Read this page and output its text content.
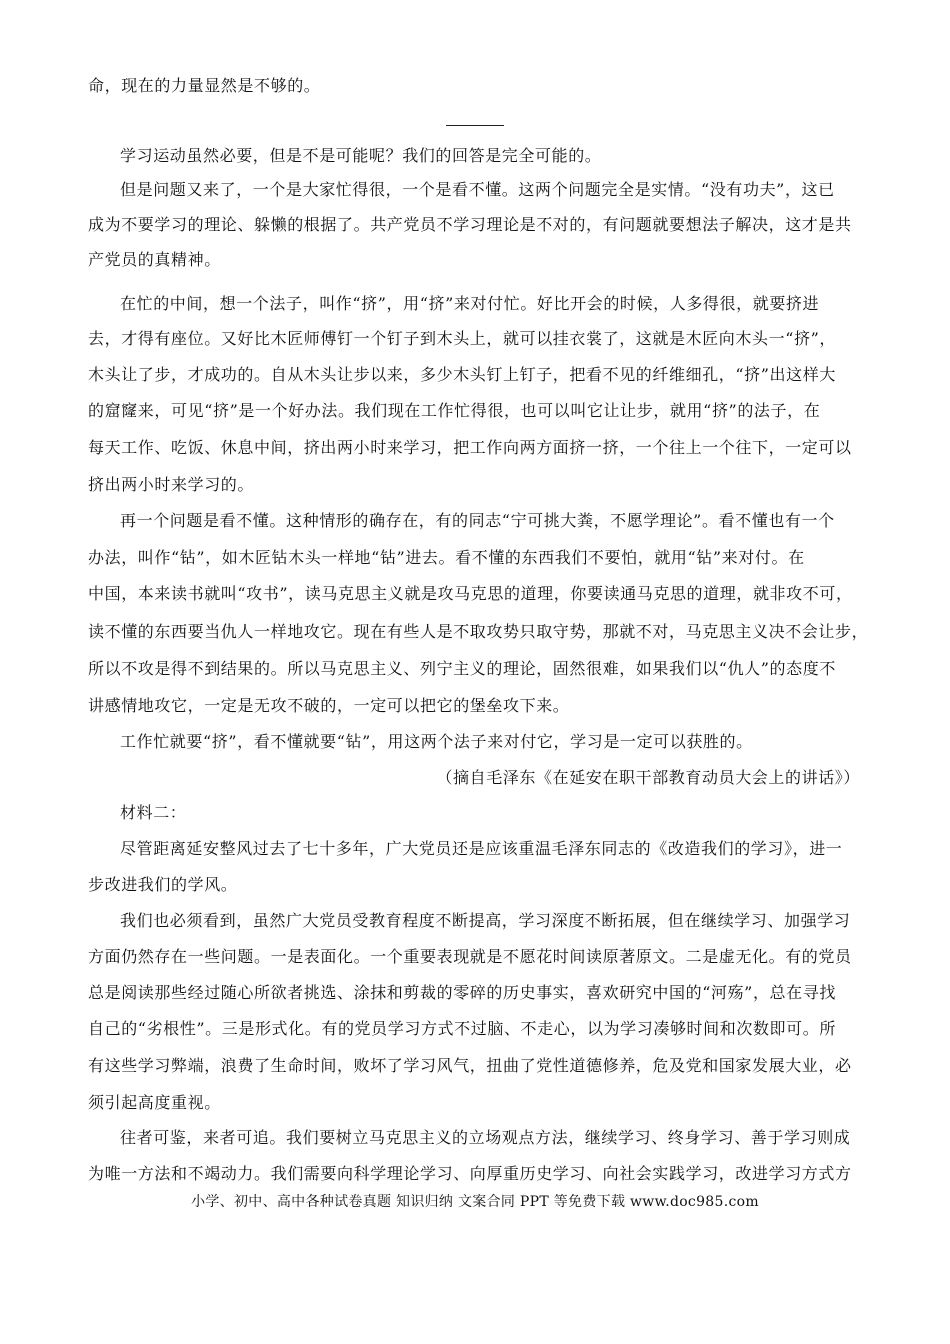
命，现在的力量显然是不够的。
学习运动虽然必要，但是不是可能呢？我们的回答是完全可能的。
但是问题又来了，一个是大家忙得很，一个是看不懂。这两个问题完全是实情。“没有功夫”，这已
成为不要学习的理论、躲懒的根据了。共产党员不学习理论是不对的，有问题就要想法子解决，这才是共
产党员的真精神。
在忙的中间，想一个法子，叫作“挤”，用“挤”来对付忙。好比开会的时候，人多得很，就要挤进
去，才得有座位。又好比木匠师傅钉一个钉子到木头上，就可以挂衣裳了，这就是木匠向木头一“挤”，
木头让了步，才成功的。自从木头让步以来，多少木头钉上钉子，把看不见的纤维细孔，“挤”出这样大
的窟窿来，可见“挤”是一个好办法。我们现在工作忙得很，也可以叫它让让步，就用“挤”的法子，在
每天工作、吃饭、休息中间，挤出两小时来学习，把工作向两方面挤一挤，一个往上一个往下，一定可以
挤出两小时来学习的。
再一个问题是看不懂。这种情形的确存在，有的同志“宁可挑大粪，不愿学理论”。看不懂也有一个
办法，叫作“钻”，如木匠钻木头一样地“钻”进去。看不懂的东西我们不要怕，就用“钻”来对付。在
中国，本来读书就叫“攻书”，读马克思主义就是攻马克思的道理，你要读通马克思的道理，就非攻不可，
读不懂的东西要当仇人一样地攻它。现在有些人是不取攻势只取守势，那就不对，马克思主义决不会让步，
所以不攻是得不到结果的。所以马克思主义、列宁主义的理论，固然很难，如果我们以“仇人”的态度不
讲感情地攻它，一定是无攻不破的，一定可以把它的堡垒攻下来。
工作忙就要“挤”，看不懂就要“钻”，用这两个法子来对付它，学习是一定可以获胜的。
（摘自毛泽东《在延安在职干部教育动员大会上的讲话》）
材料二：
尽管距离延安整风过去了七十多年，广大党员还是应该重温毛泽东同志的《改造我们的学习》，进一
步改进我们的学风。
我们也必须看到，虽然广大党员受教育程度不断提高，学习深度不断拓展，但在继续学习、加强学习
方面仍然存在一些问题。一是表面化。一个重要表现就是不愿花时间读原著原文。二是虚无化。有的党员
总是阅读那些经过随心所欲者挑选、涂抹和剪裁的零碎的历史事实，喜欢研究中国的“河殇”，总在寻找
自己的“劣根性”。三是形式化。有的党员学习方式不过脑、不走心，以为学习凑够时间和次数即可。所
有这些学习弊端，浪费了生命时间，败坏了学习风气，扭曲了党性道德修养，危及党和国家发展大业，必
须引起高度重视。
往者可鉴，来者可追。我们要树立马克思主义的立场观点方法，继续学习、终身学习、善于学习则成
为唯一方法和不竭动力。我们需要向科学理论学习、向厚重历史学习、向社会实践学习，改进学习方式方
小学、初中、高中各种试卷真题 知识归纳 文案合同 PPT 等免费下载 www.doc985.com
